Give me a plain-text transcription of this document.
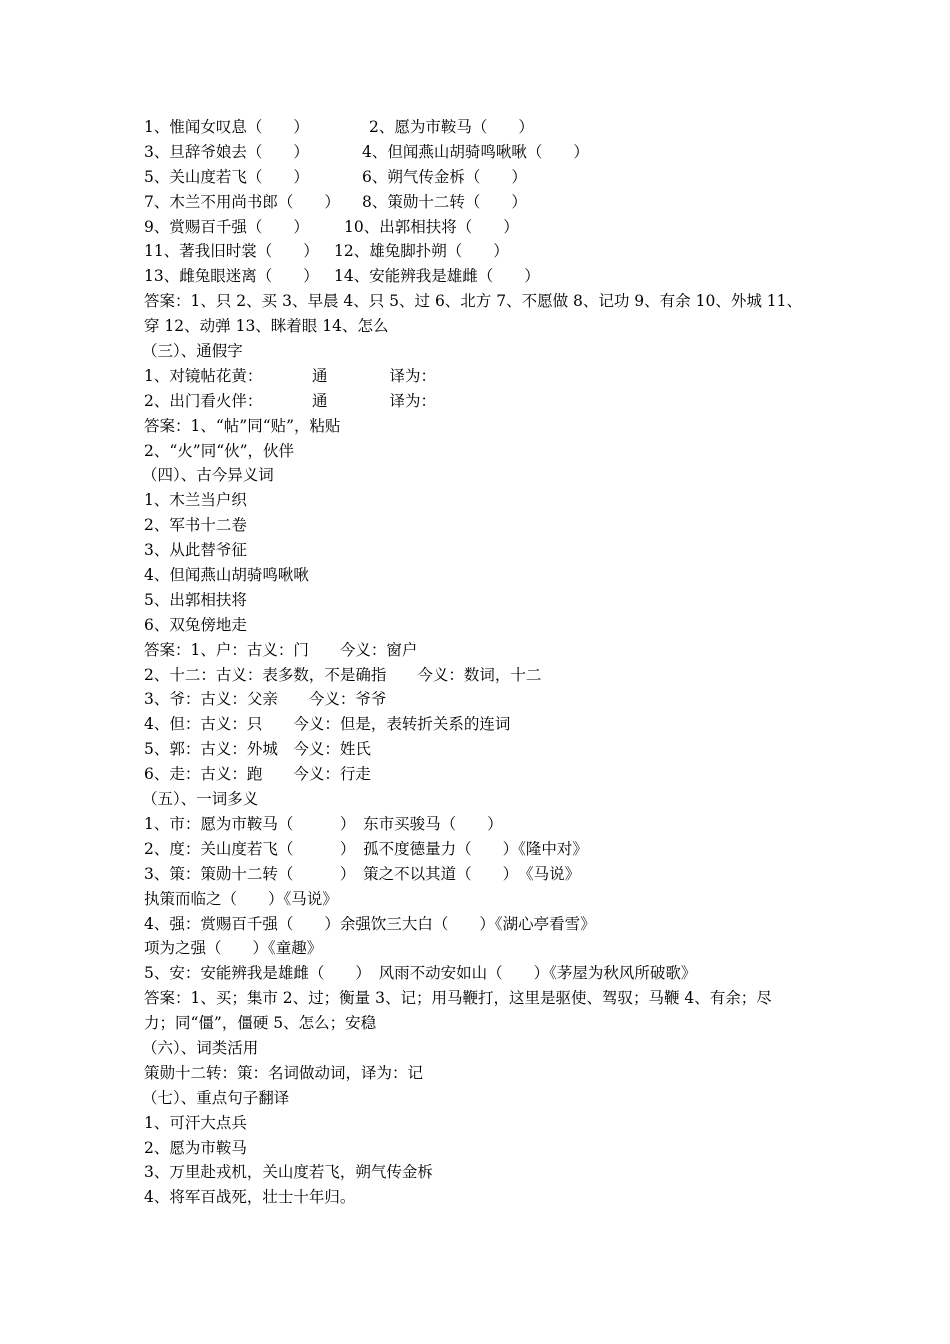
1、惟闻女叹息（　　）	2、愿为市鞍马（　　）
3、旦辞爷娘去（　　）	4、但闻燕山胡骑鸣啾啾（　　）
5、关山度若飞（　　）	6、朔气传金柝（　　）
7、木兰不用尚书郎（　　）	8、策勋十二转（　　）
9、赏赐百千强（　　）	10、出郭相扶将（　　）
11、著我旧时裳（　　） 12、雄兔脚扑朔（　　）
13、雌兔眼迷离（　　） 14、安能辨我是雄雌（　　）
答案：1、只 2、买 3、早晨 4、只 5、过 6、北方 7、不愿做 8、记功 9、有余 10、外城 11、
穿 12、动弹 13、眯着眼 14、怎么
（三）、通假字
1、对镜帖花黄：	通　　　　译为：
2、出门看火伴：	通　　　　译为：
答案：1、“帖”同“贴”，粘贴
2、“火”同“伙”，伙伴
（四）、古今异义词
1、木兰当户织
2、军书十二卷
3、从此替爷征
4、但闻燕山胡骑鸣啾啾
5、出郭相扶将
6、双兔傍地走
答案：1、户：古义：门　　今义：窗户
2、十二：古义：表多数，不是确指　　今义：数词，十二
3、爷：古义：父亲　　今义：爷爷
4、但：古义：只　　今义：但是，表转折关系的连词
5、郭：古义：外城　今义：姓氏
6、走：古义：跑　　今义：行走
（五）、一词多义
1、市：愿为市鞍马（　　　）　东市买骏马（　　）
2、度：关山度若飞（　　　）　孤不度德量力（　　）《隆中对》
3、策：策勋十二转（　　　）　策之不以其道（　　）　《马说》
执策而临之（　　）《马说》
4、强：赏赐百千强（　　）余强饮三大白（　　）《湖心亭看雪》
项为之强（　　）《童趣》
5、安：安能辨我是雄雌（　　）　风雨不动安如山（　　）《茅屋为秋风所破歌》
答案：1、买；集市 2、过；衡量 3、记；用马鞭打，这里是驱使、驾驭；马鞭 4、有余；尽
力；同“僵”，僵硬 5、怎么；安稳
（六）、词类活用
策勋十二转：策：名词做动词，译为：记
（七）、重点句子翻译
1、可汗大点兵
2、愿为市鞍马
3、万里赴戎机，关山度若飞，朔气传金柝
4、将军百战死，壮士十年归。
